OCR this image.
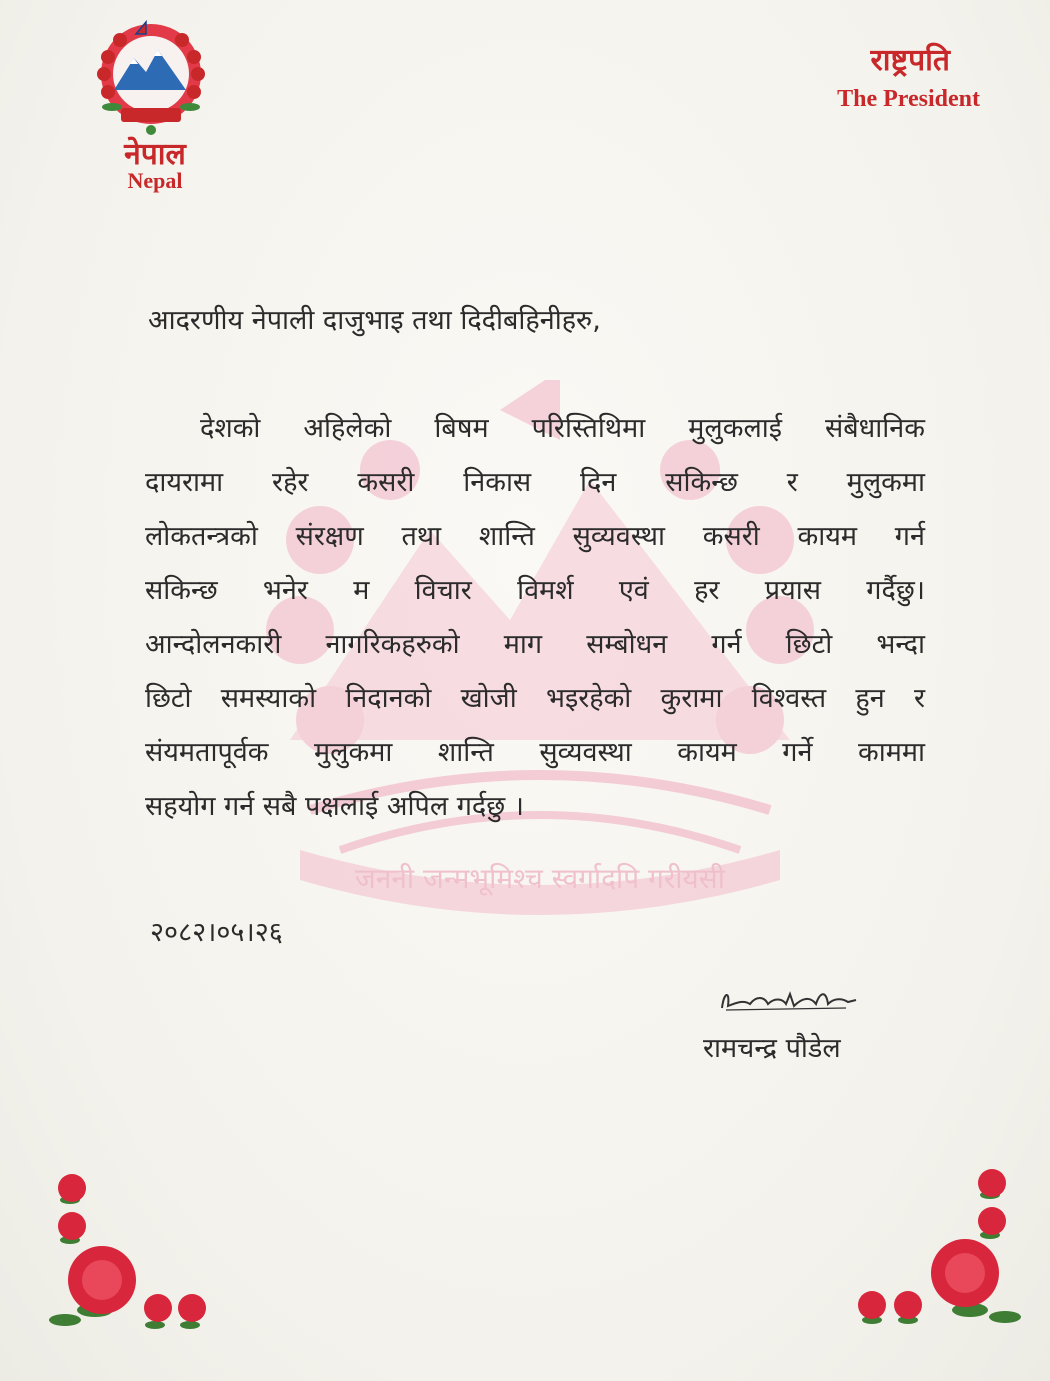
नेपाल
Nepal
राष्ट्रपति
The President
जननी जन्मभूमिश्च स्वर्गादपि गरीयसी
आदरणीय नेपाली दाजुभाइ तथा दिदीबहिनीहरु,
देशको अहिलेको बिषम परिस्तिथिमा मुलुकलाई संबैधानिक
दायरामा रहेर कसरी निकास दिन सकिन्छ र मुलुकमा
लोकतन्त्रको संरक्षण तथा शान्ति सुव्यवस्था कसरी कायम गर्न
सकिन्छ भनेर म विचार विमर्श एवं हर प्रयास गर्दैछु।
आन्दोलनकारी नागरिकहरुको माग सम्बोधन गर्न छिटो भन्दा
छिटो समस्याको निदानको खोजी भइरहेको कुरामा विश्वस्त हुन र
संयमतापूर्वक मुलुकमा शान्ति सुव्यवस्था कायम गर्ने काममा
सहयोग गर्न सबै पक्षलाई अपिल गर्दछु ।
२०८२।०५।२६
रामचन्द्र पौडेल
